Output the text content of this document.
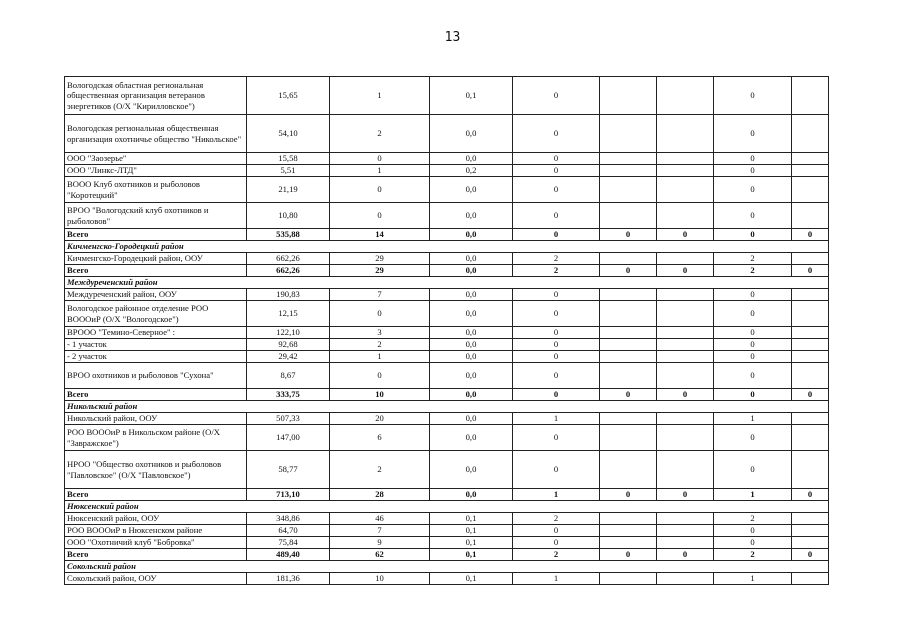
13
Вологодская областная региональная общественная организация ветеранов энергетиков (О/Х "Кирилловское")	15,65	1	0,1	0			0	
Вологодская региональная общественная организация охотничье общество "Никольское"	54,10	2	0,0	0			0	
ООО "Заозерье"	15,58	0	0,0	0			0	
ООО "Линкс-ЛТД"	5,51	1	0,2	0			0	
ВООО Клуб охотников и рыболовов "Коротецкий"	21,19	0	0,0	0			0	
ВРОО "Вологодский клуб охотников и рыболовов"	10,80	0	0,0	0			0	
Всего	535,88	14	0,0	0	0	0	0	0
Кичменгско-Городецкий район								
Кичменгско-Городецкий район, ООУ	662,26	29	0,0	2			2	
Всего	662,26	29	0,0	2	0	0	2	0
Междуреченский район								
Междуреченский район, ООУ	190,83	7	0,0	0			0	
Вологодское районное отделение РОО ВОООиР (О/Х "Вологодское")	12,15	0	0,0	0			0	
ВРООО "Темино-Северное" :	122,10	3	0,0	0			0	
- 1 участок	92,68	2	0,0	0			0	
- 2 участок	29,42	1	0,0	0			0	
ВРОО охотников и рыболовов "Сухона"	8,67	0	0,0	0			0	
Всего	333,75	10	0,0	0	0	0	0	0
Никольский район								
Никольский район, ООУ	507,33	20	0,0	1			1	
РОО ВОООиР в Никольском районе (О/Х "Завражское")	147,00	6	0,0	0			0	
НРОО "Общество охотников и рыболовов "Павловское" (О/Х "Павловское")	58,77	2	0,0	0			0	
Всего	713,10	28	0,0	1	0	0	1	0
Нюксенский район								
Нюксенский район, ООУ	348,86	46	0,1	2			2	
РОО ВОООиР в Нюксенском районе	64,70	7	0,1	0			0	
ООО "Охотничий клуб "Бобровка"	75,84	9	0,1	0			0	
Всего	489,40	62	0,1	2	0	0	2	0
Сокольский район								
Сокольский район, ООУ	181,36	10	0,1	1			1	
